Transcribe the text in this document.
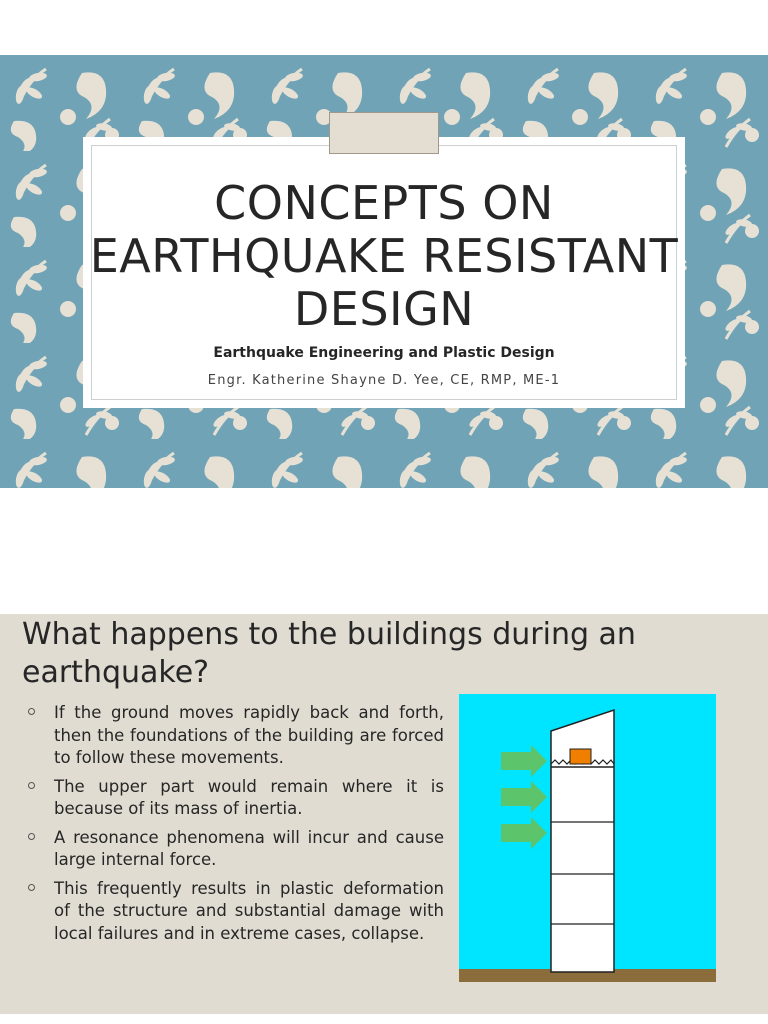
CONCEPTS ON EARTHQUAKE RESISTANT DESIGN
Earthquake Engineering and Plastic Design
Engr. Katherine Shayne D. Yee, CE, RMP, ME-1
What happens to the buildings during an earthquake?
If the ground moves rapidly back and forth, then the foundations of the building are forced to follow these movements.
The upper part would remain where it is because of its mass of inertia.
A resonance phenomena will incur and cause large internal force.
This frequently results in plastic deformation of the structure and substantial damage with local failures and in extreme cases, collapse.
